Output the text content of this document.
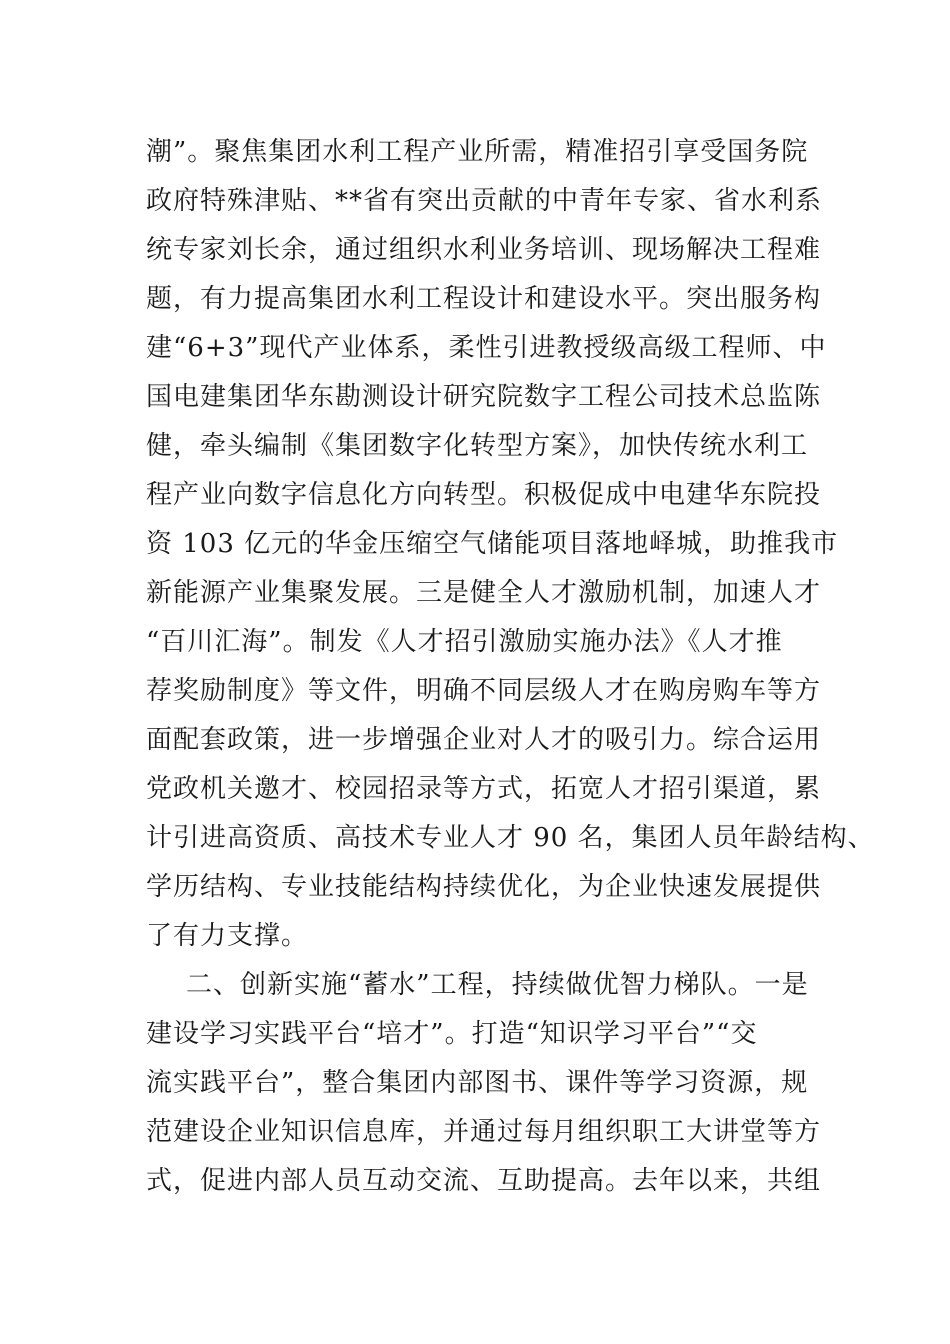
潮”。聚焦集团水利工程产业所需，精准招引享受国务院
政府特殊津贴、**省有突出贡献的中青年专家、省水利系
统专家刘长余，通过组织水利业务培训、现场解决工程难
题，有力提高集团水利工程设计和建设水平。突出服务构
建“6+3”现代产业体系，柔性引进教授级高级工程师、中
国电建集团华东勘测设计研究院数字工程公司技术总监陈
健，牵头编制《集团数字化转型方案》，加快传统水利工
程产业向数字信息化方向转型。积极促成中电建华东院投
资 103 亿元的华金压缩空气储能项目落地峄城，助推我市
新能源产业集聚发展。三是健全人才激励机制，加速人才
“百川汇海”。制发《人才招引激励实施办法》《人才推
荐奖励制度》等文件，明确不同层级人才在购房购车等方
面配套政策，进一步增强企业对人才的吸引力。综合运用
党政机关邀才、校园招录等方式，拓宽人才招引渠道，累
计引进高资质、高技术专业人才 90 名，集团人员年龄结构、
学历结构、专业技能结构持续优化，为企业快速发展提供
了有力支撑。
二、创新实施“蓄水”工程，持续做优智力梯队。一是
建设学习实践平台“培才”。打造“知识学习平台”“交
流实践平台”，整合集团内部图书、课件等学习资源，规
范建设企业知识信息库，并通过每月组织职工大讲堂等方
式，促进内部人员互动交流、互助提高。去年以来，共组
